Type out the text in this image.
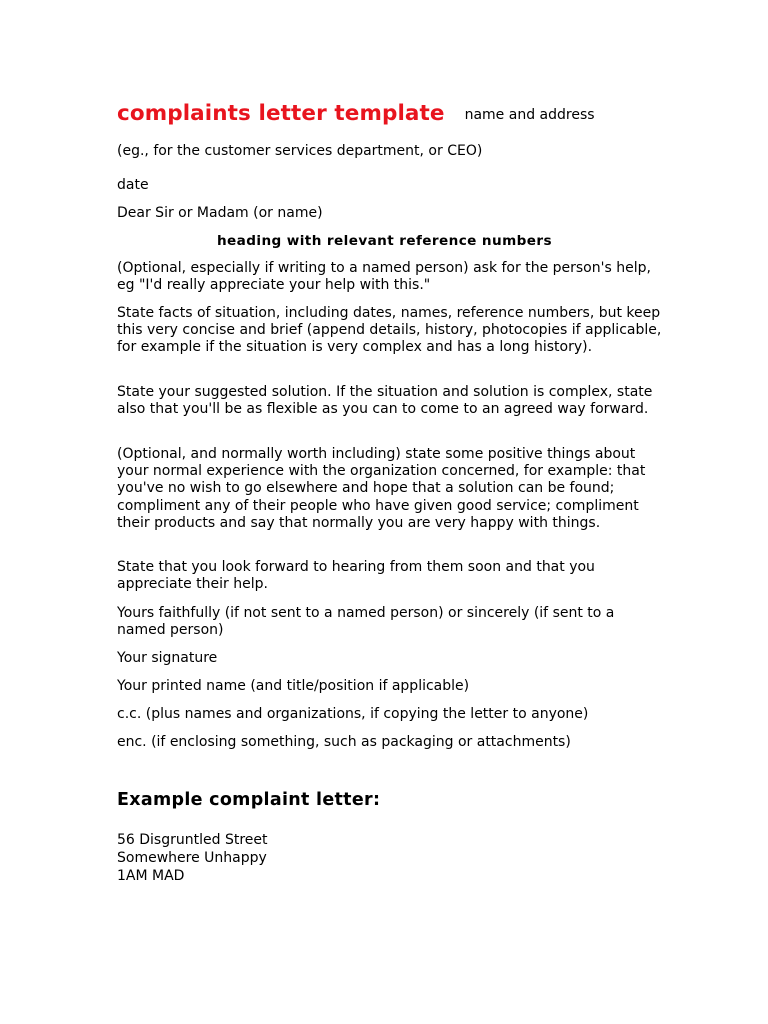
complaints letter template name and address

(eg., for the customer services department, or CEO)

date

Dear Sir or Madam (or name)

heading with relevant reference numbers

(Optional, especially if writing to a named person) ask for the person's help, eg "I'd really appreciate your help with this."

State facts of situation, including dates, names, reference numbers, but keep this very concise and brief (append details, history, photocopies if applicable, for example if the situation is very complex and has a long history).

State your suggested solution. If the situation and solution is complex, state also that you'll be as flexible as you can to come to an agreed way forward.

(Optional, and normally worth including) state some positive things about your normal experience with the organization concerned, for example: that you've no wish to go elsewhere and hope that a solution can be found; compliment any of their people who have given good service; compliment their products and say that normally you are very happy with things.

State that you look forward to hearing from them soon and that you appreciate their help.

Yours faithfully (if not sent to a named person) or sincerely (if sent to a named person)

Your signature

Your printed name (and title/position if applicable)

c.c. (plus names and organizations, if copying the letter to anyone)

enc. (if enclosing something, such as packaging or attachments)

Example complaint letter:

56 Disgruntled Street
Somewhere Unhappy
1AM MAD
